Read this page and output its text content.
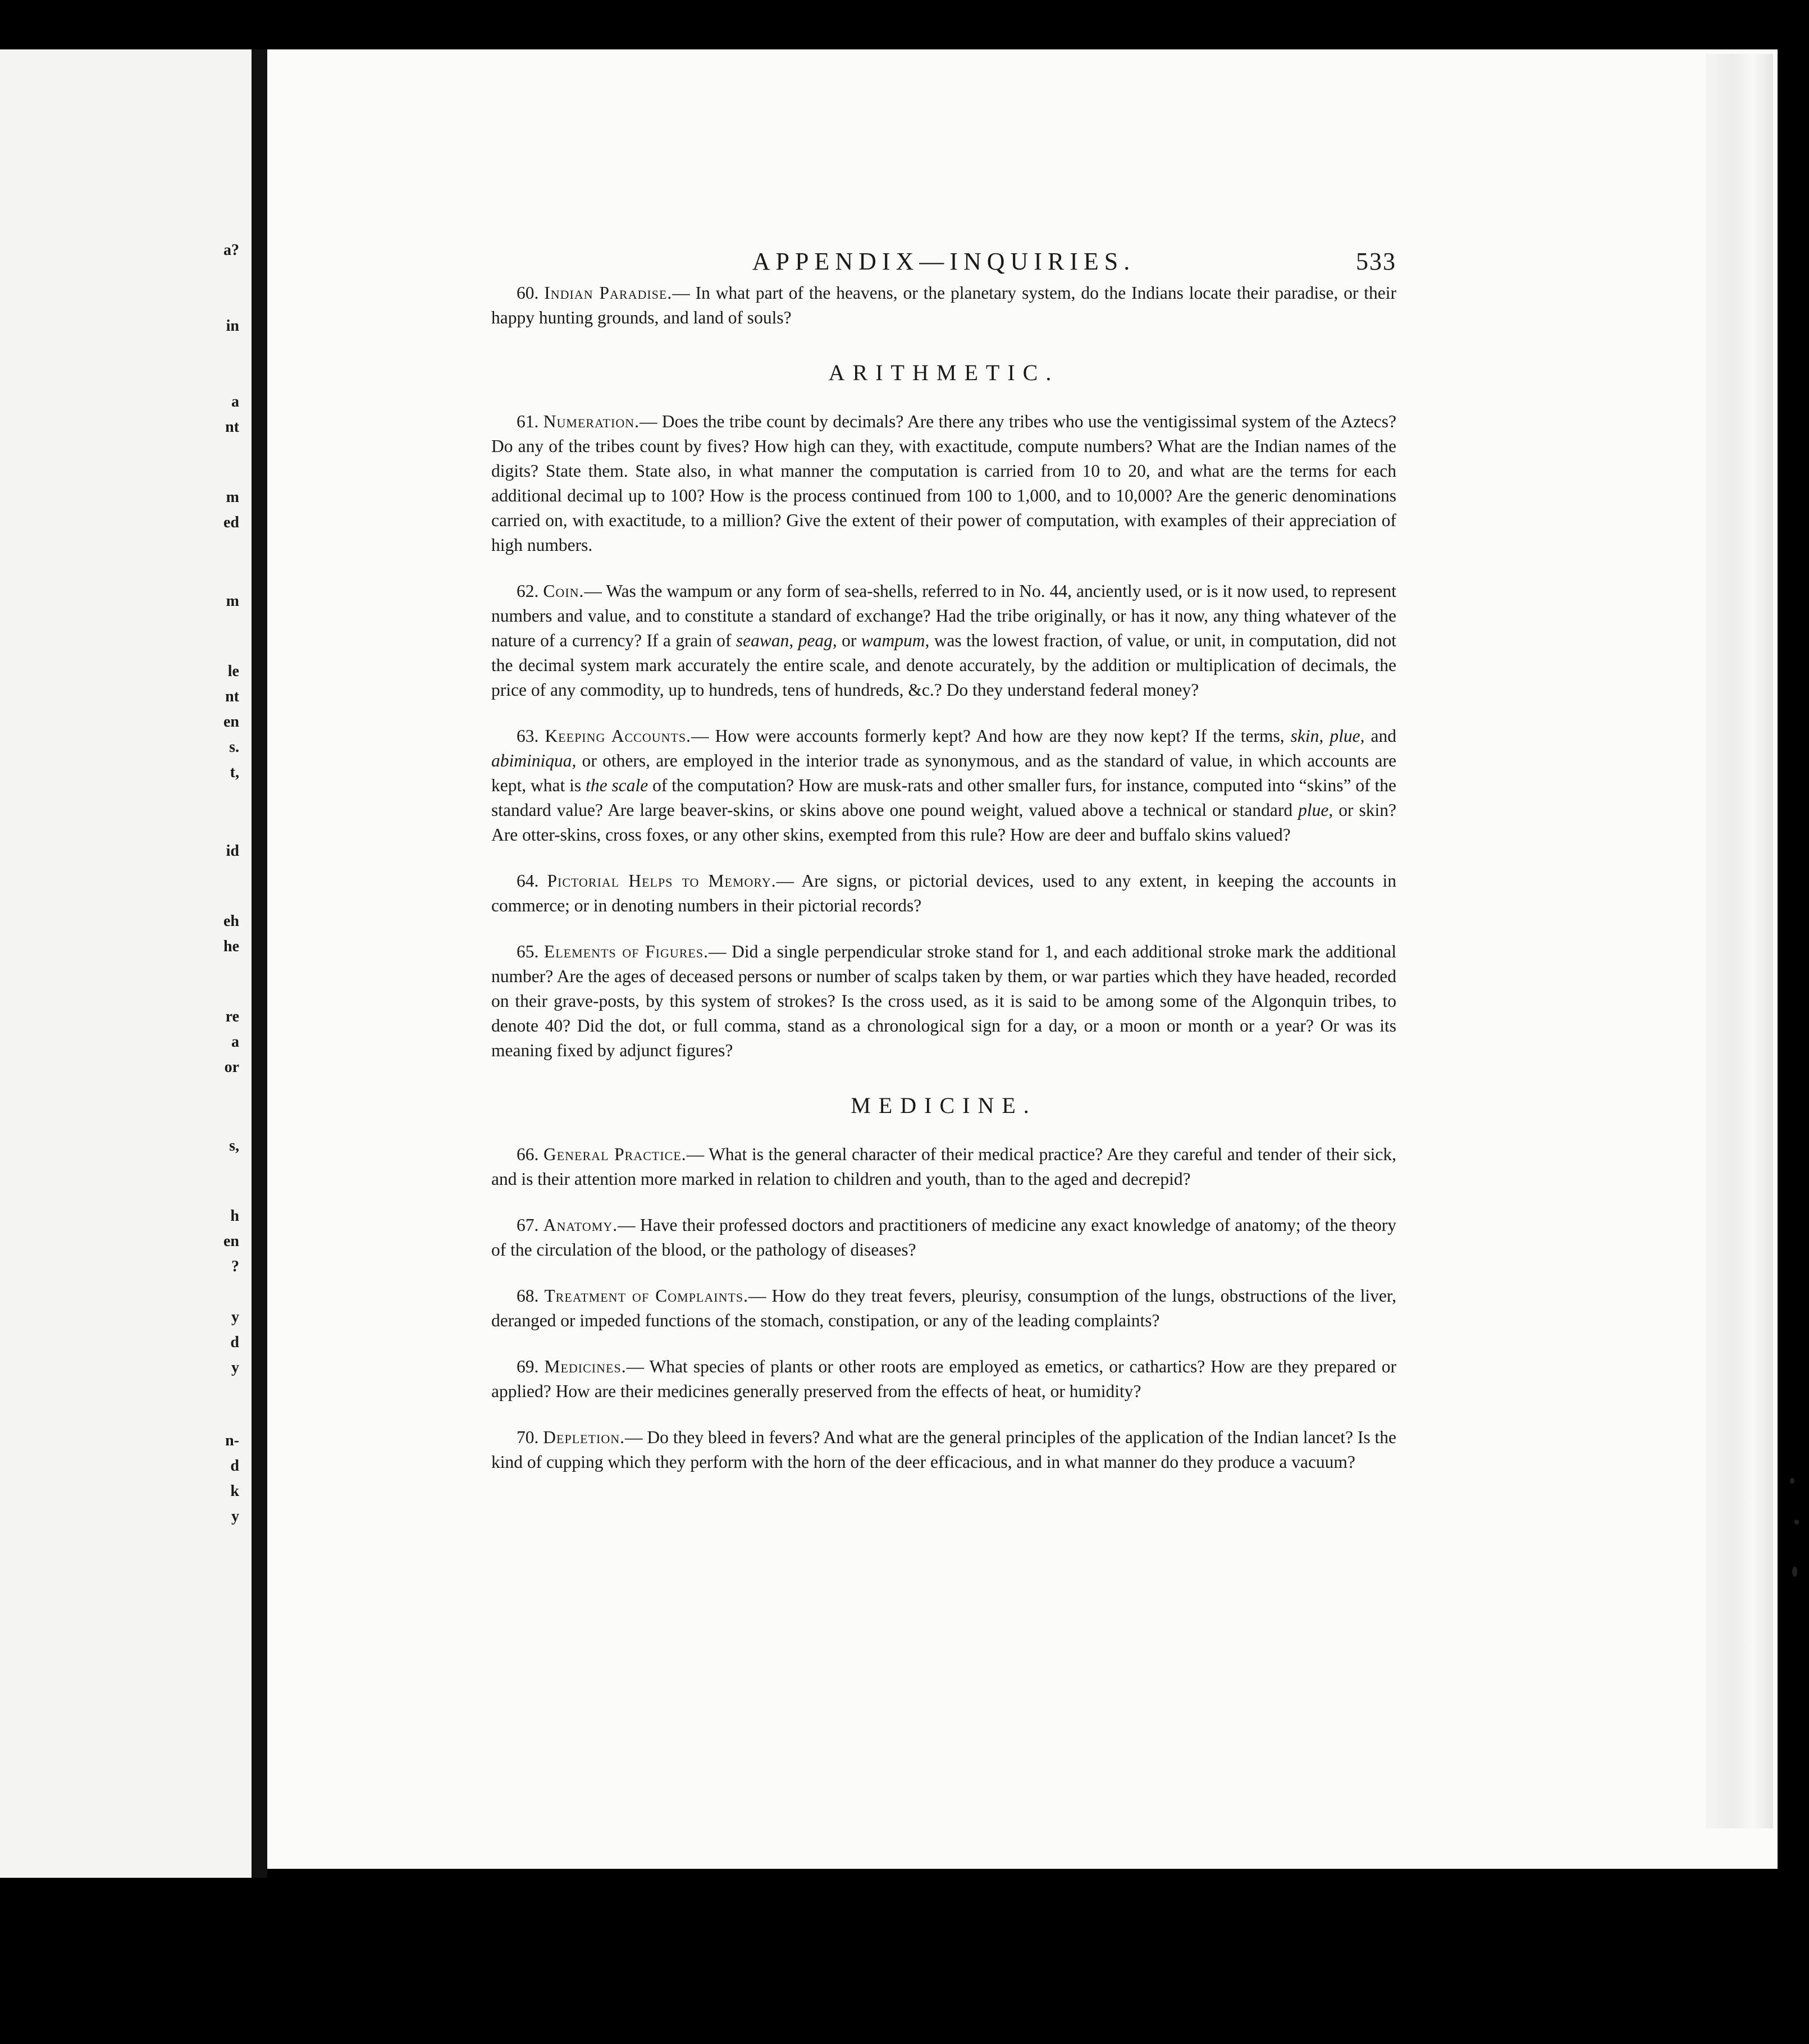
a?
in
a
nt
m
ed
m
le
nt
en
s.
t,
id
eh
he
re
a
or
s,
h
en
?
y
d
y
n-
d
k
y
APPENDIX—INQUIRIES.	533

60. Indian Paradise.— In what part of the heavens, or the planetary system, do the Indians locate their paradise, or their happy hunting grounds, and land of souls?

ARITHMETIC.

61. Numeration.— Does the tribe count by decimals? Are there any tribes who use the ventigissimal system of the Aztecs? Do any of the tribes count by fives? How high can they, with exactitude, compute numbers? What are the Indian names of the digits? State them. State also, in what manner the computation is carried from 10 to 20, and what are the terms for each additional decimal up to 100? How is the process continued from 100 to 1,000, and to 10,000? Are the generic denominations carried on, with exactitude, to a million? Give the extent of their power of computation, with examples of their appreciation of high numbers.

62. Coin.— Was the wampum or any form of sea-shells, referred to in No. 44, anciently used, or is it now used, to represent numbers and value, and to constitute a standard of exchange? Had the tribe originally, or has it now, any thing whatever of the nature of a currency? If a grain of seawan, peag, or wampum, was the lowest fraction, of value, or unit, in computation, did not the decimal system mark accurately the entire scale, and denote accurately, by the addition or multiplication of decimals, the price of any commodity, up to hundreds, tens of hundreds, &c.? Do they understand federal money?

63. Keeping Accounts.— How were accounts formerly kept? And how are they now kept? If the terms, skin, plue, and abiminiqua, or others, are employed in the interior trade as synonymous, and as the standard of value, in which accounts are kept, what is the scale of the computation? How are musk-rats and other smaller furs, for instance, computed into “skins” of the standard value? Are large beaver-skins, or skins above one pound weight, valued above a technical or standard plue, or skin? Are otter-skins, cross foxes, or any other skins, exempted from this rule? How are deer and buffalo skins valued?

64. Pictorial Helps to Memory.— Are signs, or pictorial devices, used to any extent, in keeping the accounts in commerce; or in denoting numbers in their pictorial records?

65. Elements of Figures.— Did a single perpendicular stroke stand for 1, and each additional stroke mark the additional number? Are the ages of deceased persons or number of scalps taken by them, or war parties which they have headed, recorded on their grave-posts, by this system of strokes? Is the cross used, as it is said to be among some of the Algonquin tribes, to denote 40? Did the dot, or full comma, stand as a chronological sign for a day, or a moon or month or a year? Or was its meaning fixed by adjunct figures?

MEDICINE.

66. General Practice.— What is the general character of their medical practice? Are they careful and tender of their sick, and is their attention more marked in relation to children and youth, than to the aged and decrepid?

67. Anatomy.— Have their professed doctors and practitioners of medicine any exact knowledge of anatomy; of the theory of the circulation of the blood, or the pathology of diseases?

68. Treatment of Complaints.— How do they treat fevers, pleurisy, consumption of the lungs, obstructions of the liver, deranged or impeded functions of the stomach, constipation, or any of the leading complaints?

69. Medicines.— What species of plants or other roots are employed as emetics, or cathartics? How are they prepared or applied? How are their medicines generally preserved from the effects of heat, or humidity?

70. Depletion.— Do they bleed in fevers? And what are the general principles of the application of the Indian lancet? Is the kind of cupping which they perform with the horn of the deer efficacious, and in what manner do they produce a vacuum?
